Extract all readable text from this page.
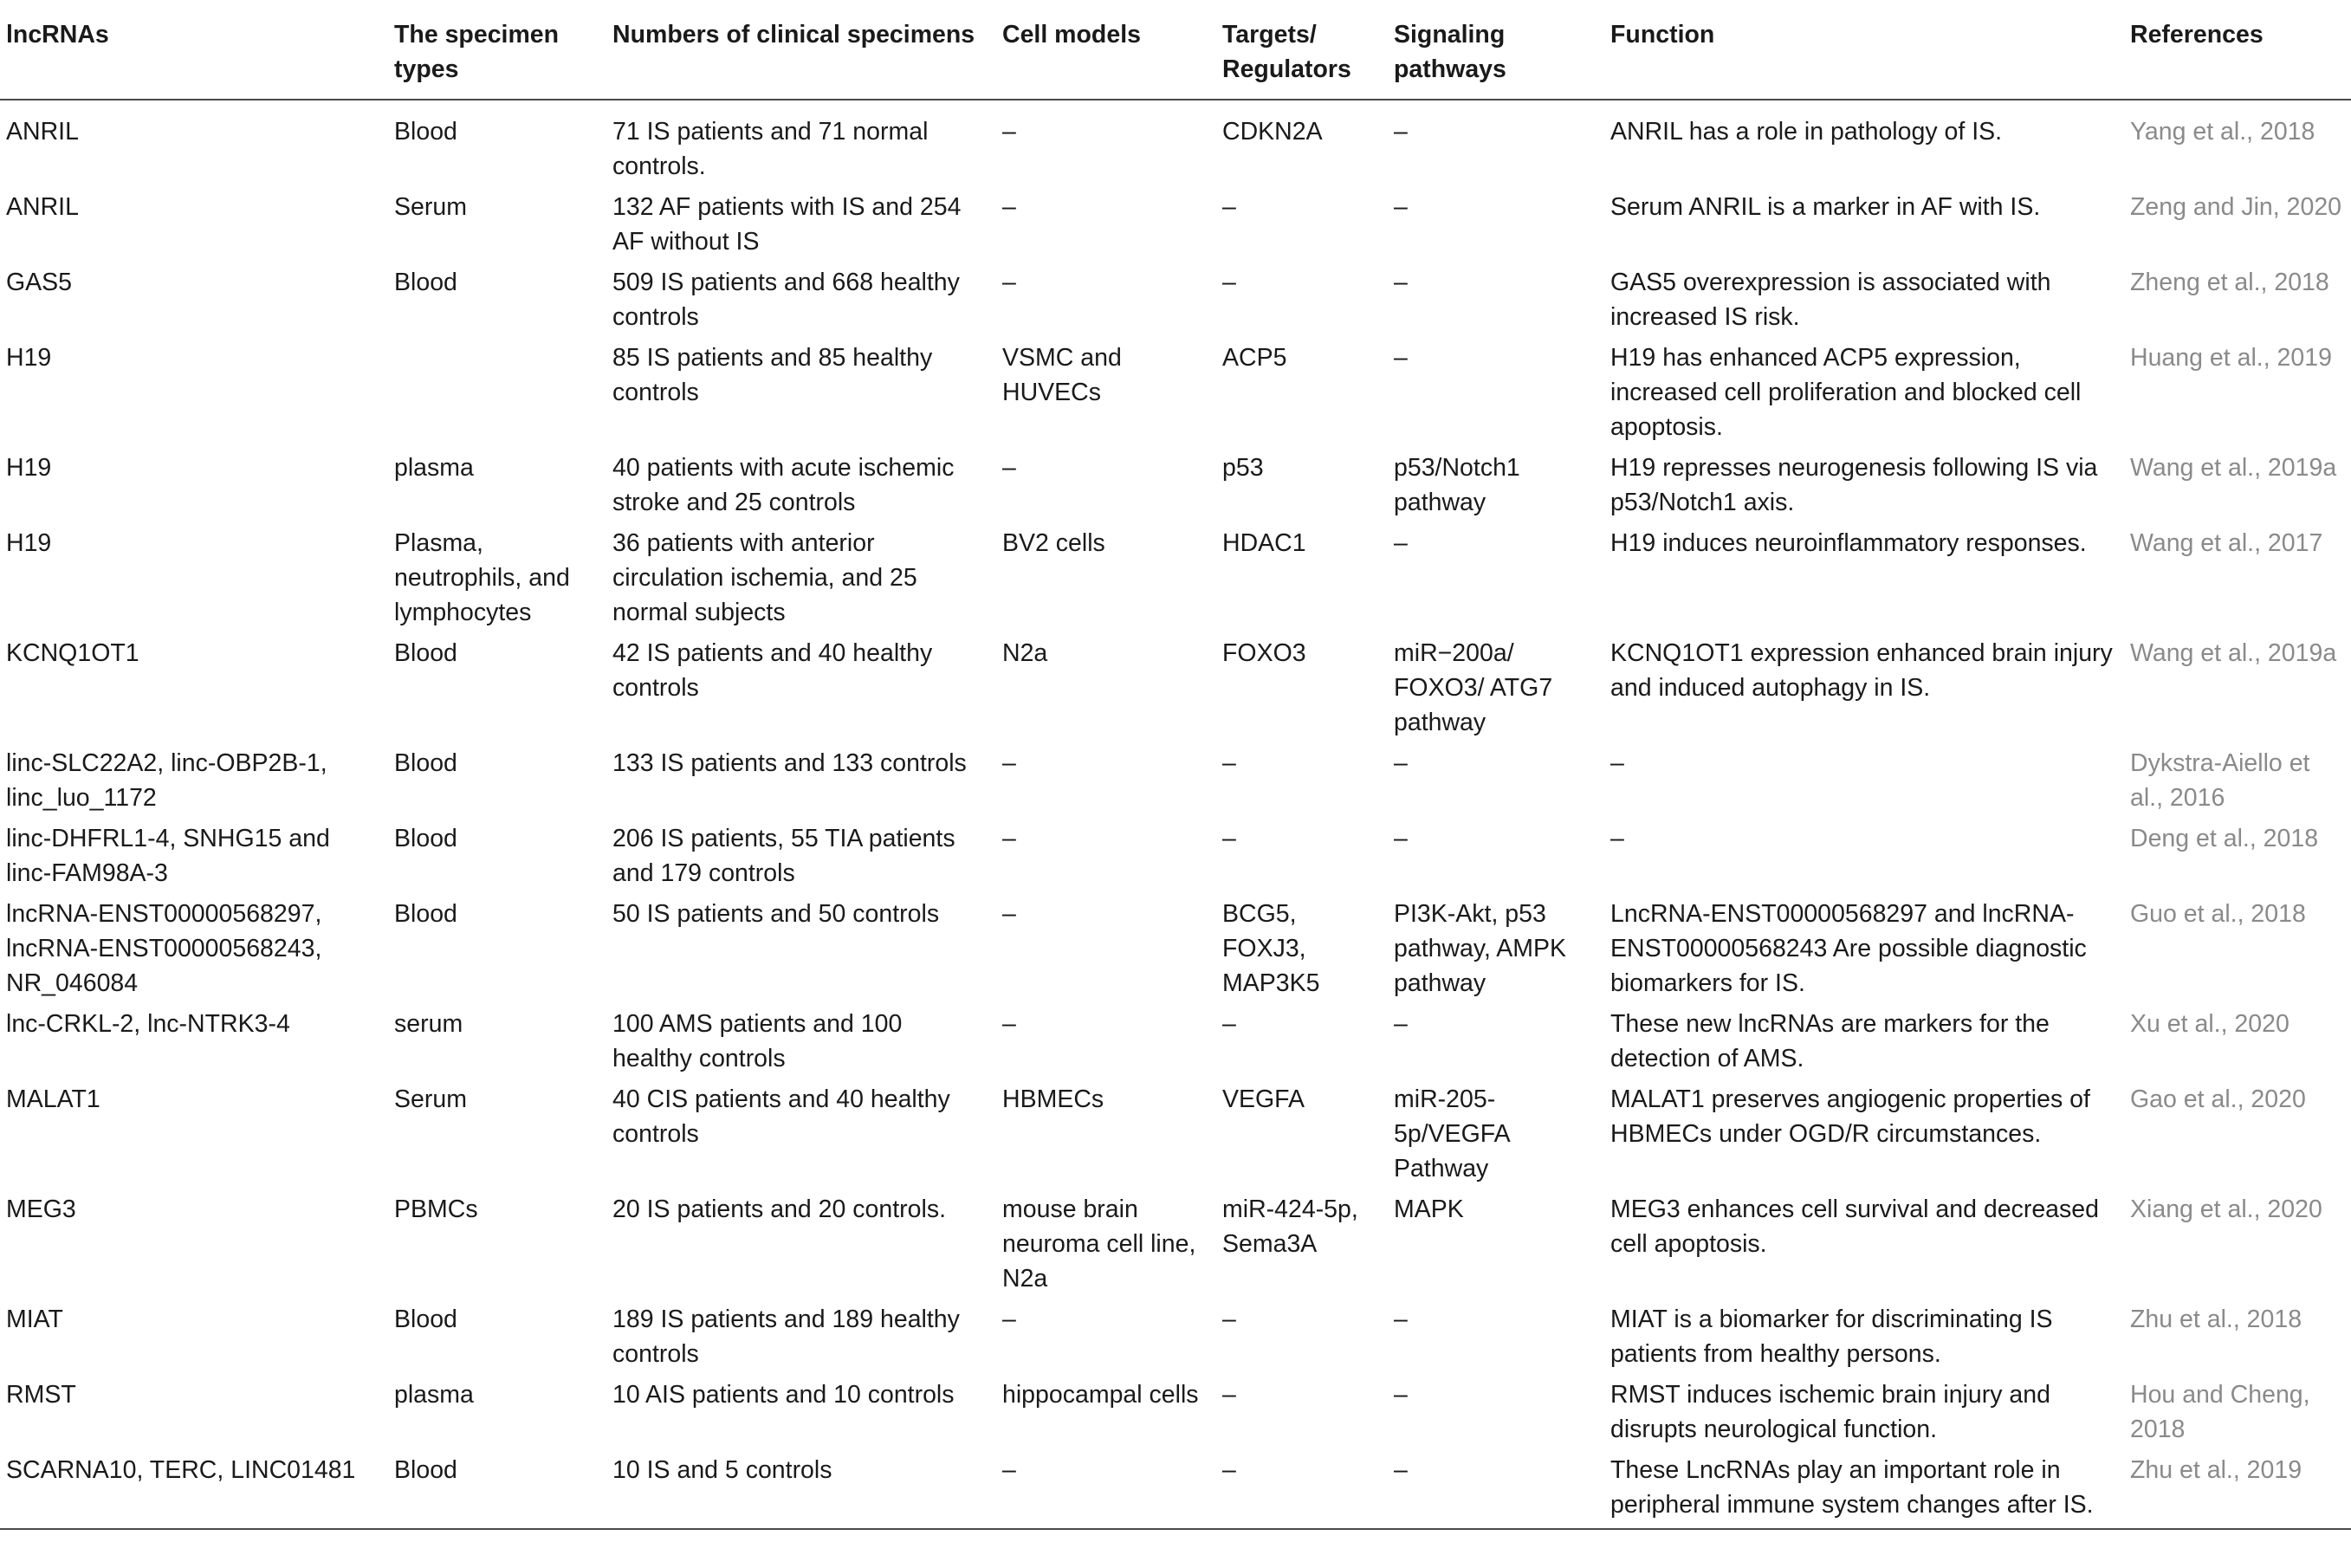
lncRNAs	The specimen types	Numbers of clinical specimens	Cell models	Targets/ Regulators	Signaling pathways	Function	References
ANRIL	Blood	71 IS patients and 71 normal controls.	–	CDKN2A	–	ANRIL has a role in pathology of IS.	Yang et al., 2018
ANRIL	Serum	132 AF patients with IS and 254 AF without IS	–	–	–	Serum ANRIL is a marker in AF with IS.	Zeng and Jin, 2020
GAS5	Blood	509 IS patients and 668 healthy controls	–	–	–	GAS5 overexpression is associated with increased IS risk.	Zheng et al., 2018
H19		85 IS patients and 85 healthy controls	VSMC and HUVECs	ACP5	–	H19 has enhanced ACP5 expression, increased cell proliferation and blocked cell apoptosis.	Huang et al., 2019
H19	plasma	40 patients with acute ischemic stroke and 25 controls	–	p53	p53/Notch1 pathway	H19 represses neurogenesis following IS via p53/Notch1 axis.	Wang et al., 2019a
H19	Plasma, neutrophils, and lymphocytes	36 patients with anterior circulation ischemia, and 25 normal subjects	BV2 cells	HDAC1	–	H19 induces neuroinflammatory responses.	Wang et al., 2017
KCNQ1OT1	Blood	42 IS patients and 40 healthy controls	N2a	FOXO3	miR−200a/ FOXO3/ ATG7 pathway	KCNQ1OT1 expression enhanced brain injury and induced autophagy in IS.	Wang et al., 2019a
linc-SLC22A2, linc-OBP2B-1, linc_luo_1172	Blood	133 IS patients and 133 controls	–	–	–	–	Dykstra-Aiello et al., 2016
linc-DHFRL1-4, SNHG15 and linc-FAM98A-3	Blood	206 IS patients, 55 TIA patients and 179 controls	–	–	–	–	Deng et al., 2018
lncRNA-ENST00000568297, lncRNA-ENST00000568243, NR_046084	Blood	50 IS patients and 50 controls	–	BCG5, FOXJ3, MAP3K5	PI3K-Akt, p53 pathway, AMPK pathway	LncRNA-ENST00000568297 and lncRNA-ENST00000568243 Are possible diagnostic biomarkers for IS.	Guo et al., 2018
lnc-CRKL-2, lnc-NTRK3-4	serum	100 AMS patients and 100 healthy controls	–	–	–	These new lncRNAs are markers for the detection of AMS.	Xu et al., 2020
MALAT1	Serum	40 CIS patients and 40 healthy controls	HBMECs	VEGFA	miR-205-5p/VEGFA Pathway	MALAT1 preserves angiogenic properties of HBMECs under OGD/R circumstances.	Gao et al., 2020
MEG3	PBMCs	20 IS patients and 20 controls.	mouse brain neuroma cell line, N2a	miR-424-5p, Sema3A	MAPK	MEG3 enhances cell survival and decreased cell apoptosis.	Xiang et al., 2020
MIAT	Blood	189 IS patients and 189 healthy controls	–	–	–	MIAT is a biomarker for discriminating IS patients from healthy persons.	Zhu et al., 2018
RMST	plasma	10 AIS patients and 10 controls	hippocampal cells	–	–	RMST induces ischemic brain injury and disrupts neurological function.	Hou and Cheng, 2018
SCARNA10, TERC, LINC01481	Blood	10 IS and 5 controls	–	–	–	These LncRNAs play an important role in peripheral immune system changes after IS.	Zhu et al., 2019
